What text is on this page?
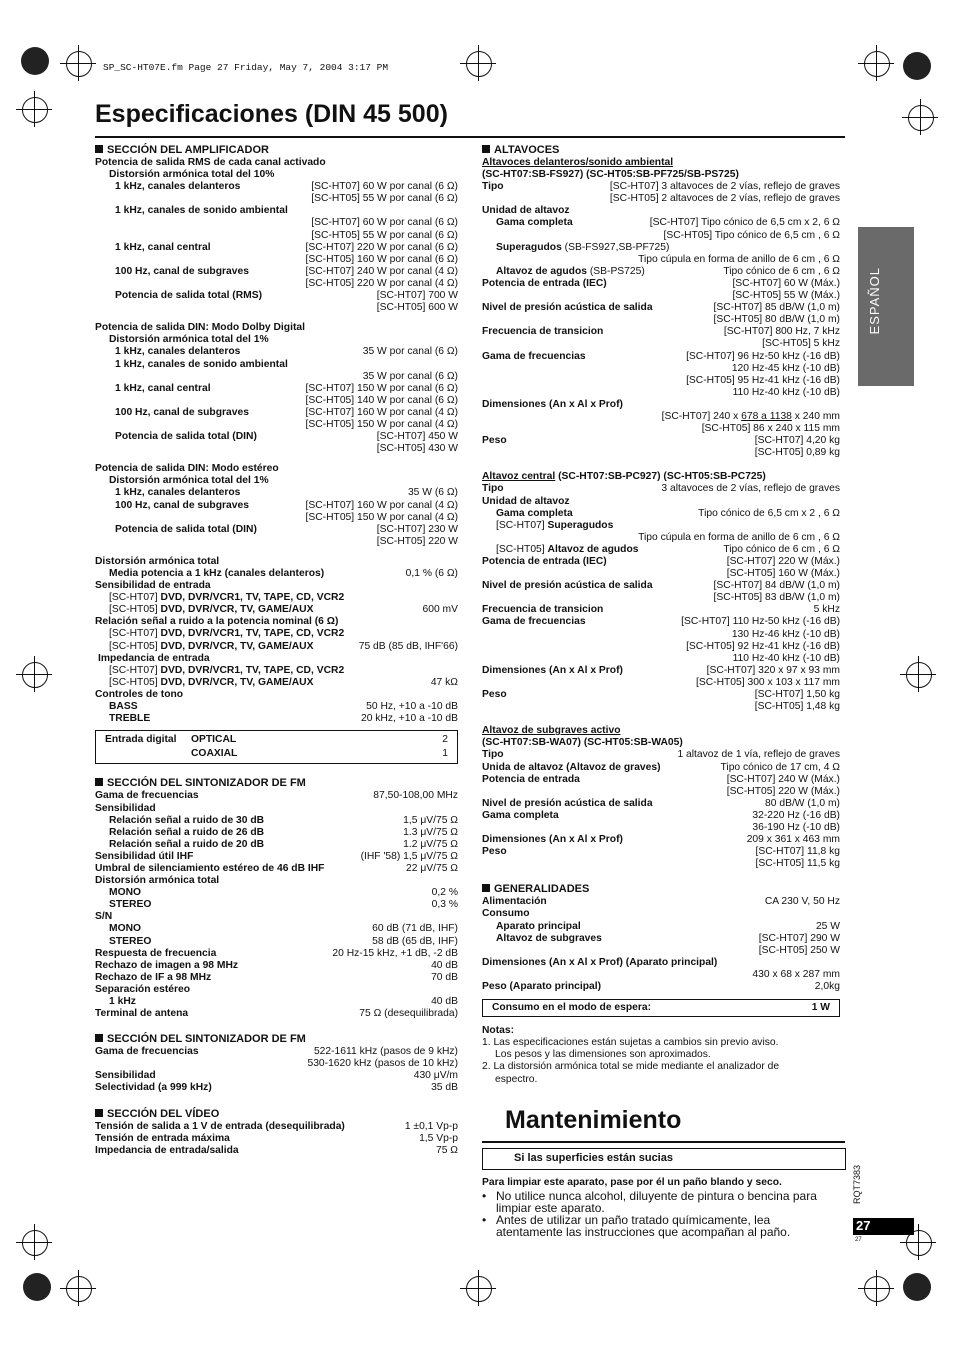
SP_SC-HT07E.fm Page 27 Friday, May 7, 2004 3:17 PM
Especificaciones (DIN 45 500)
ESPAÑOL
SECCIÓN DEL AMPLIFICADOR
Potencia de salida RMS de cada canal activado
Distorsión armónica total del 10%
1 kHz, canales delanteros	[SC-HT07] 60 W por canal (6 Ω)
[SC-HT05] 55 W por canal (6 Ω)
1 kHz, canales de sonido ambiental
[SC-HT07] 60 W por canal (6 Ω)
[SC-HT05] 55 W por canal (6 Ω)
1 kHz, canal central	[SC-HT07] 220 W por canal (6 Ω)
[SC-HT05] 160 W por canal (6 Ω)
100 Hz, canal de subgraves	[SC-HT07] 240 W por canal (4 Ω)
[SC-HT05] 220 W por canal (4 Ω)
Potencia de salida total (RMS)	[SC-HT07] 700 W
[SC-HT05] 600 W
Potencia de salida DIN: Modo Dolby Digital
Distorsión armónica total del 1%
1 kHz, canales delanteros	35 W por canal (6 Ω)
1 kHz, canales de sonido ambiental
35 W por canal (6 Ω)
1 kHz, canal central	[SC-HT07] 150 W por canal (6 Ω)
[SC-HT05] 140 W por canal (6 Ω)
100 Hz, canal de subgraves	[SC-HT07] 160 W por canal (4 Ω)
[SC-HT05] 150 W por canal (4 Ω)
Potencia de salida total (DIN)	[SC-HT07] 450 W
[SC-HT05] 430 W
Potencia de salida DIN: Modo estéreo
Distorsión armónica total del 1%
1 kHz, canales delanteros	35 W (6 Ω)
100 Hz, canal de subgraves	[SC-HT07] 160 W por canal (4 Ω)
[SC-HT05] 150 W por canal (4 Ω)
Potencia de salida total (DIN)	[SC-HT07] 230 W
[SC-HT05] 220 W
Distorsión armónica total
Media potencia a 1 kHz (canales delanteros)	0,1 % (6 Ω)
Sensibilidad de entrada
[SC-HT07] DVD, DVR/VCR1, TV, TAPE, CD, VCR2
[SC-HT05] DVD, DVR/VCR, TV, GAME/AUX	600 mV
Relación señal a ruido a la potencia nominal (6 Ω)
[SC-HT07] DVD, DVR/VCR1, TV, TAPE, CD, VCR2
[SC-HT05] DVD, DVR/VCR, TV, GAME/AUX	75 dB (85 dB, IHF'66)
Impedancia de entrada
[SC-HT07] DVD, DVR/VCR1, TV, TAPE, CD, VCR2
[SC-HT05] DVD, DVR/VCR, TV, GAME/AUX	47 kΩ
Controles de tono
BASS	50 Hz, +10 a -10 dB
TREBLE	20 kHz, +10 a -10 dB
Entrada digital OPTICAL	2
COAXIAL	1
SECCIÓN DEL SINTONIZADOR DE FM
Gama de frecuencias	87,50-108,00 MHz
Sensibilidad
Relación señal a ruido de 30 dB	1,5 μV/75 Ω
Relación señal a ruido de 26 dB	1.3 μV/75 Ω
Relación señal a ruido de 20 dB	1.2 μV/75 Ω
Sensibilidad útil IHF	(IHF '58) 1,5 μV/75 Ω
Umbral de silenciamiento estéreo de 46 dB IHF	22 μV/75 Ω
Distorsión armónica total
MONO	0,2 %
STEREO	0,3 %
S/N
MONO	60 dB (71 dB, IHF)
STEREO	58 dB (65 dB, IHF)
Respuesta de frecuencia	20 Hz-15 kHz, +1 dB, -2 dB
Rechazo de imagen a 98 MHz	40 dB
Rechazo de IF a 98 MHz	70 dB
Separación estéreo
1 kHz	40 dB
Terminal de antena	75 Ω (desequilibrada)
SECCIÓN DEL SINTONIZADOR DE FM
Gama de frecuencias	522-1611 kHz (pasos de 9 kHz)
530-1620 kHz (pasos de 10 kHz)
Sensibilidad	430 μV/m
Selectividad (a 999 kHz)	35 dB
SECCIÓN DEL VÍDEO
Tensión de salida a 1 V de entrada (desequilibrada)	1 ±0,1 Vp-p
Tensión de entrada máxima	1,5 Vp-p
Impedancia de entrada/salida	75 Ω
ALTAVOCES
Altavoces delanteros/sonido ambiental
(SC-HT07:SB-FS927) (SC-HT05:SB-PF725/SB-PS725)
Tipo	[SC-HT07] 3 altavoces de 2 vías, reflejo de graves
[SC-HT05] 2 altavoces de 2 vías, reflejo de graves
Unidad de altavoz
Gama completa	[SC-HT07] Tipo cónico de 6,5 cm x 2, 6 Ω
[SC-HT05] Tipo cónico de 6,5 cm , 6 Ω
Superagudos (SB-FS927,SB-PF725)
Tipo cúpula en forma de anillo de 6 cm , 6 Ω
Altavoz de agudos (SB-PS725)	Tipo cónico de 6 cm , 6 Ω
Potencia de entrada (IEC)	[SC-HT07] 60 W (Máx.)
[SC-HT05] 55 W (Máx.)
Nivel de presión acústica de salida	[SC-HT07] 85 dB/W (1,0 m)
[SC-HT05] 80 dB/W (1,0 m)
Frecuencia de transicion	[SC-HT07] 800 Hz, 7 kHz
[SC-HT05] 5 kHz
Gama de frecuencias	[SC-HT07] 96 Hz-50 kHz (-16 dB)
120 Hz-45 kHz (-10 dB)
[SC-HT05] 95 Hz-41 kHz (-16 dB)
110 Hz-40 kHz (-10 dB)
Dimensiones (An x Al x Prof)
[SC-HT07] 240 x 678 a 1138 x 240 mm
[SC-HT05] 86 x 240 x 115 mm
Peso	[SC-HT07] 4,20 kg
[SC-HT05] 0,89 kg
Altavoz central (SC-HT07:SB-PC927) (SC-HT05:SB-PC725)
Tipo	3 altavoces de 2 vías, reflejo de graves
Unidad de altavoz
Gama completa	Tipo cónico de 6,5 cm x 2 , 6 Ω
[SC-HT07] Superagudos
Tipo cúpula en forma de anillo de 6 cm , 6 Ω
[SC-HT05] Altavoz de agudos	Tipo cónico de 6 cm , 6 Ω
Potencia de entrada (IEC)	[SC-HT07] 220 W (Máx.)
[SC-HT05] 160 W (Máx.)
Nivel de presión acústica de salida	[SC-HT07] 84 dB/W (1,0 m)
[SC-HT05] 83 dB/W (1,0 m)
Frecuencia de transicion	5 kHz
Gama de frecuencias	[SC-HT07] 110 Hz-50 kHz (-16 dB)
130 Hz-46 kHz (-10 dB)
[SC-HT05] 92 Hz-41 kHz (-16 dB)
110 Hz-40 kHz (-10 dB)
Dimensiones (An x Al x Prof)	[SC-HT07] 320 x 97 x 93 mm
[SC-HT05] 300 x 103 x 117 mm
Peso	[SC-HT07] 1,50 kg
[SC-HT05] 1,48 kg
Altavoz de subgraves activo
(SC-HT07:SB-WA07) (SC-HT05:SB-WA05)
Tipo	1 altavoz de 1 vía, reflejo de graves
Unida de altavoz (Altavoz de graves)	Tipo cónico de 17 cm, 4 Ω
Potencia de entrada	[SC-HT07] 240 W (Máx.)
[SC-HT05] 220 W (Máx.)
Nivel de presión acústica de salida	80 dB/W (1,0 m)
Gama completa	32-220 Hz (-16 dB)
36-190 Hz (-10 dB)
Dimensiones (An x Al x Prof)	209 x 361 x 463 mm
Peso	[SC-HT07] 11,8 kg
[SC-HT05] 11,5 kg
GENERALIDADES
Alimentación	CA 230 V, 50 Hz
Consumo
Aparato principal	25 W
Altavoz de subgraves	[SC-HT07] 290 W
[SC-HT05] 250 W
Dimensiones (An x Al x Prof) (Aparato principal)
430 x 68 x 287 mm
Peso (Aparato principal)	2,0kg
Consumo en el modo de espera:	1 W
Notas:
1. Las especificaciones están sujetas a cambios sin previo aviso.
Los pesos y las dimensiones son aproximados.
2. La distorsión armónica total se mide mediante el analizador de
espectro.
Mantenimiento
Si las superficies están sucias
Para limpiar este aparato, pase por él un paño blando y seco.
• No utilice nunca alcohol, diluyente de pintura o bencina para
limpiar este aparato.
• Antes de utilizar un paño tratado químicamente, lea
atentamente las instrucciones que acompañan al paño.
RQT7383
27
27
